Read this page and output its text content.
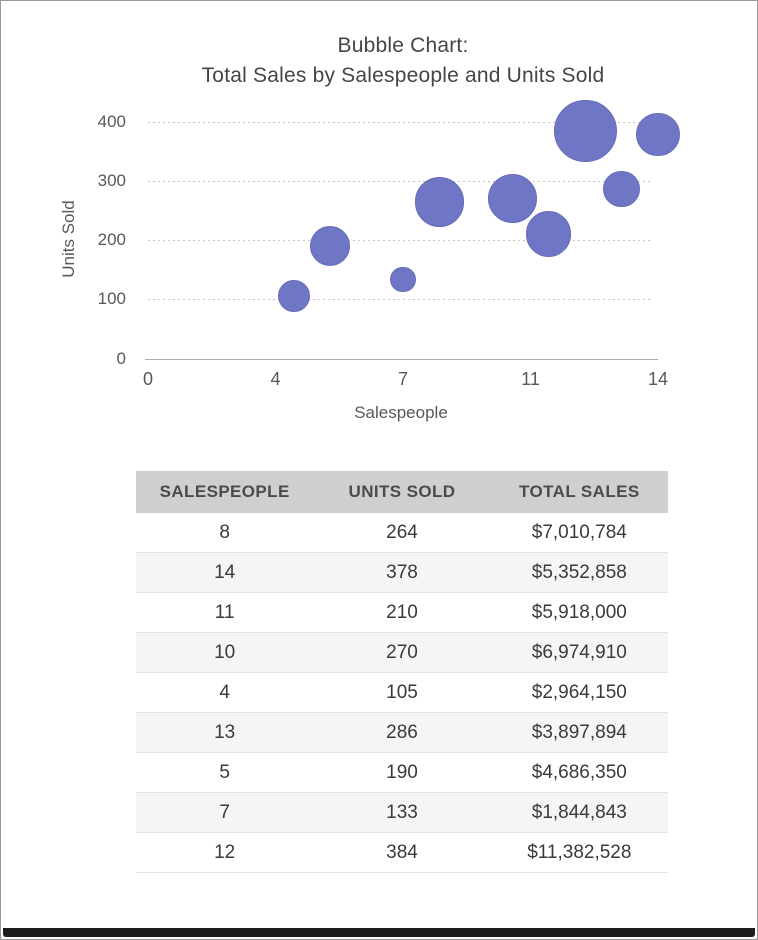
Bubble Chart:
Total Sales by Salespeople and Units Sold
0
100
200
300
400
0	4	7	11	14
Units Sold
Salespeople
SALESPEOPLE	UNITS SOLD	TOTAL SALES
8	264	$7,010,784
14	378	$5,352,858
11	210	$5,918,000
10	270	$6,974,910
4	105	$2,964,150
13	286	$3,897,894
5	190	$4,686,350
7	133	$1,844,843
12	384	$11,382,528
